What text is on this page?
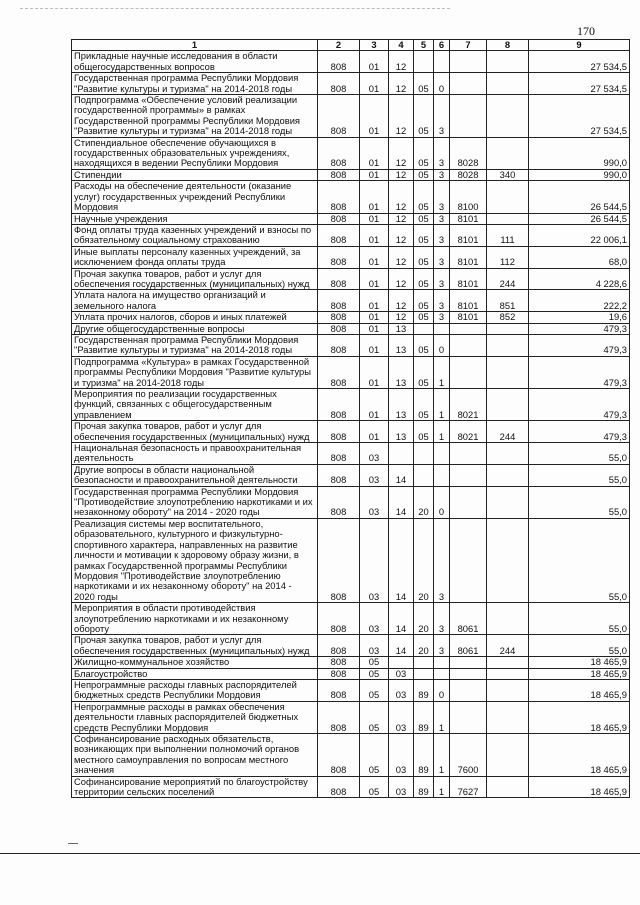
170
1	2	3	4	5	6	7	8	9
Прикладные научные исследования в области общегосударственных вопросов	808	01	12					27 534,5
Государственная программа Республики Мордовия "Развитие культуры и туризма" на 2014-2018 годы	808	01	12	05	0			27 534,5
Подпрограмма «Обеспечение условий реализации государственной программы» в рамках Государственной программы Республики Мордовия "Развитие культуры и туризма" на 2014-2018 годы	808	01	12	05	3			27 534,5
Стипендиальное обеспечение обучающихся в государственных образовательных учреждениях, находящихся в ведении Республики Мордовия	808	01	12	05	3	8028		990,0
Стипендии	808	01	12	05	3	8028	340	990,0
Расходы на обеспечение деятельности (оказание услуг) государственных учреждений Республики Мордовия	808	01	12	05	3	8100		26 544,5
Научные учреждения	808	01	12	05	3	8101		26 544,5
Фонд оплаты труда казенных учреждений и взносы по обязательному социальному страхованию	808	01	12	05	3	8101	111	22 006,1
Иные выплаты персоналу казенных учреждений, за исключением фонда оплаты труда	808	01	12	05	3	8101	112	68,0
Прочая закупка товаров, работ и услуг для обеспечения государственных (муниципальных) нужд	808	01	12	05	3	8101	244	4 228,6
Уплата налога на имущество организаций и земельного налога	808	01	12	05	3	8101	851	222,2
Уплата прочих налогов, сборов и иных платежей	808	01	12	05	3	8101	852	19,6
Другие общегосударственные вопросы	808	01	13					479,3
Государственная программа Республики Мордовия "Развитие культуры и туризма" на 2014-2018 годы	808	01	13	05	0			479,3
Подпрограмма «Культура» в рамках Государственной программы Республики Мордовия "Развитие культуры и туризма" на 2014-2018 годы	808	01	13	05	1			479,3
Мероприятия по реализации государственных функций, связанных с общегосударственным управлением	808	01	13	05	1	8021		479,3
Прочая закупка товаров, работ и услуг для обеспечения государственных (муниципальных) нужд	808	01	13	05	1	8021	244	479,3
Национальная безопасность и правоохранительная деятельность	808	03						55,0
Другие вопросы в области национальной безопасности и правоохранительной деятельности	808	03	14					55,0
Государственная программа Республики Мордовия "Противодействие злоупотреблению наркотиками и их незаконному обороту" на 2014 - 2020 годы	808	03	14	20	0			55,0
Реализация системы мер воспитательного, образовательного, культурного и физкультурно-спортивного характера, направленных на развитие личности и мотивации к здоровому образу жизни, в рамках Государственной программы Республики Мордовия "Противодействие злоупотреблению наркотиками и их незаконному обороту" на 2014 - 2020 годы	808	03	14	20	3			55,0
Мероприятия в области противодействия злоупотреблению наркотиками и их незаконному обороту	808	03	14	20	3	8061		55,0
Прочая закупка товаров, работ и услуг для обеспечения государственных (муниципальных) нужд	808	03	14	20	3	8061	244	55,0
Жилищно-коммунальное хозяйство	808	05						18 465,9
Благоустройство	808	05	03					18 465,9
Непрограммные расходы главных распорядителей бюджетных средств Республики Мордовия	808	05	03	89	0			18 465,9
Непрограммные расходы в рамках обеспечения деятельности главных распорядителей бюджетных средств Республики Мордовия	808	05	03	89	1			18 465,9
Софинансирование расходных обязательств, возникающих при выполнении полномочий органов местного самоуправления по вопросам местного значения	808	05	03	89	1	7600		18 465,9
Софинансирование мероприятий по благоустройству территории сельских поселений	808	05	03	89	1	7627		18 465,9
